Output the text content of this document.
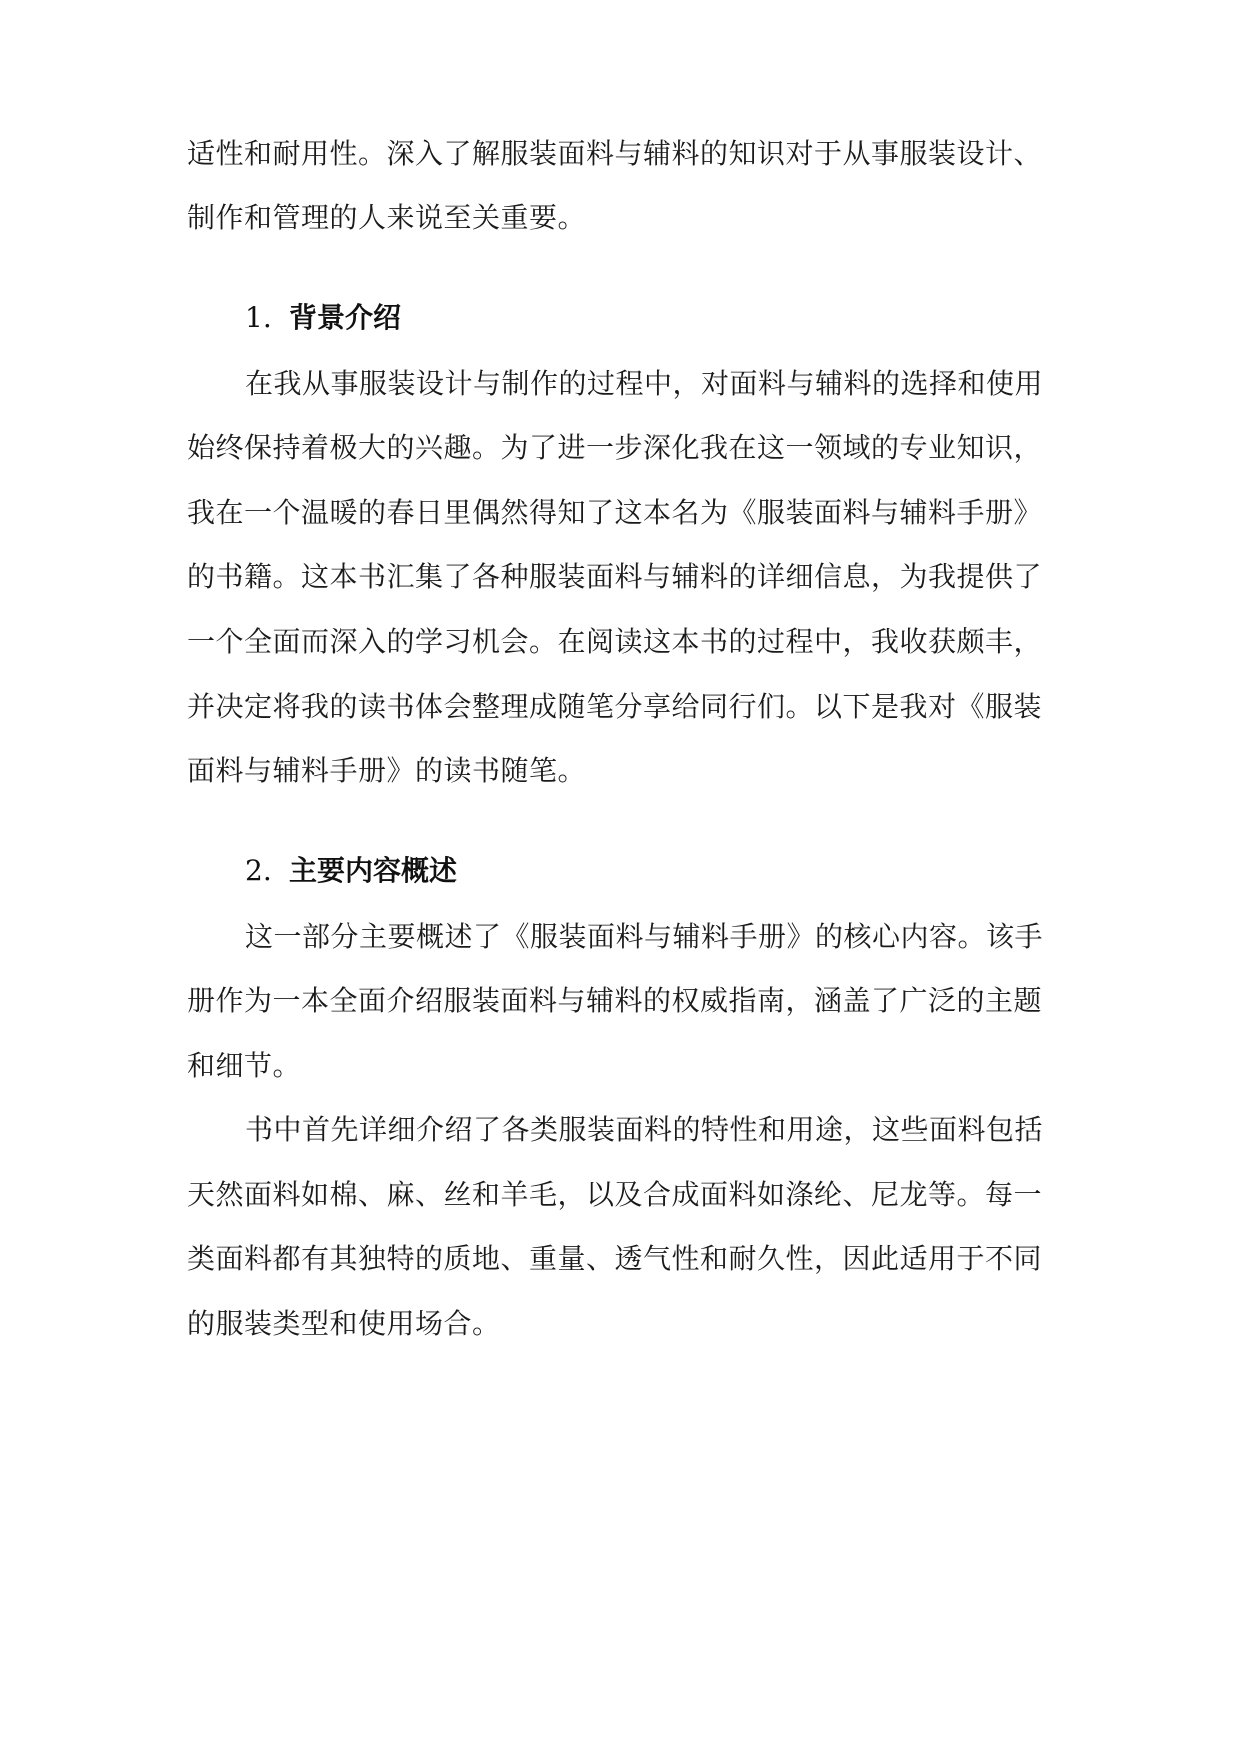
适性和耐用性。深入了解服装面料与辅料的知识对于从事服装设计、
制作和管理的人来说至关重要。
1. 背景介绍
在我从事服装设计与制作的过程中，对面料与辅料的选择和使用
始终保持着极大的兴趣。为了进一步深化我在这一领域的专业知识，
我在一个温暖的春日里偶然得知了这本名为《服装面料与辅料手册》
的书籍。这本书汇集了各种服装面料与辅料的详细信息，为我提供了
一个全面而深入的学习机会。在阅读这本书的过程中，我收获颇丰，
并决定将我的读书体会整理成随笔分享给同行们。以下是我对《服装
面料与辅料手册》的读书随笔。
2. 主要内容概述
这一部分主要概述了《服装面料与辅料手册》的核心内容。该手
册作为一本全面介绍服装面料与辅料的权威指南，涵盖了广泛的主题
和细节。
书中首先详细介绍了各类服装面料的特性和用途，这些面料包括
天然面料如棉、麻、丝和羊毛，以及合成面料如涤纶、尼龙等。每一
类面料都有其独特的质地、重量、透气性和耐久性，因此适用于不同
的服装类型和使用场合。
